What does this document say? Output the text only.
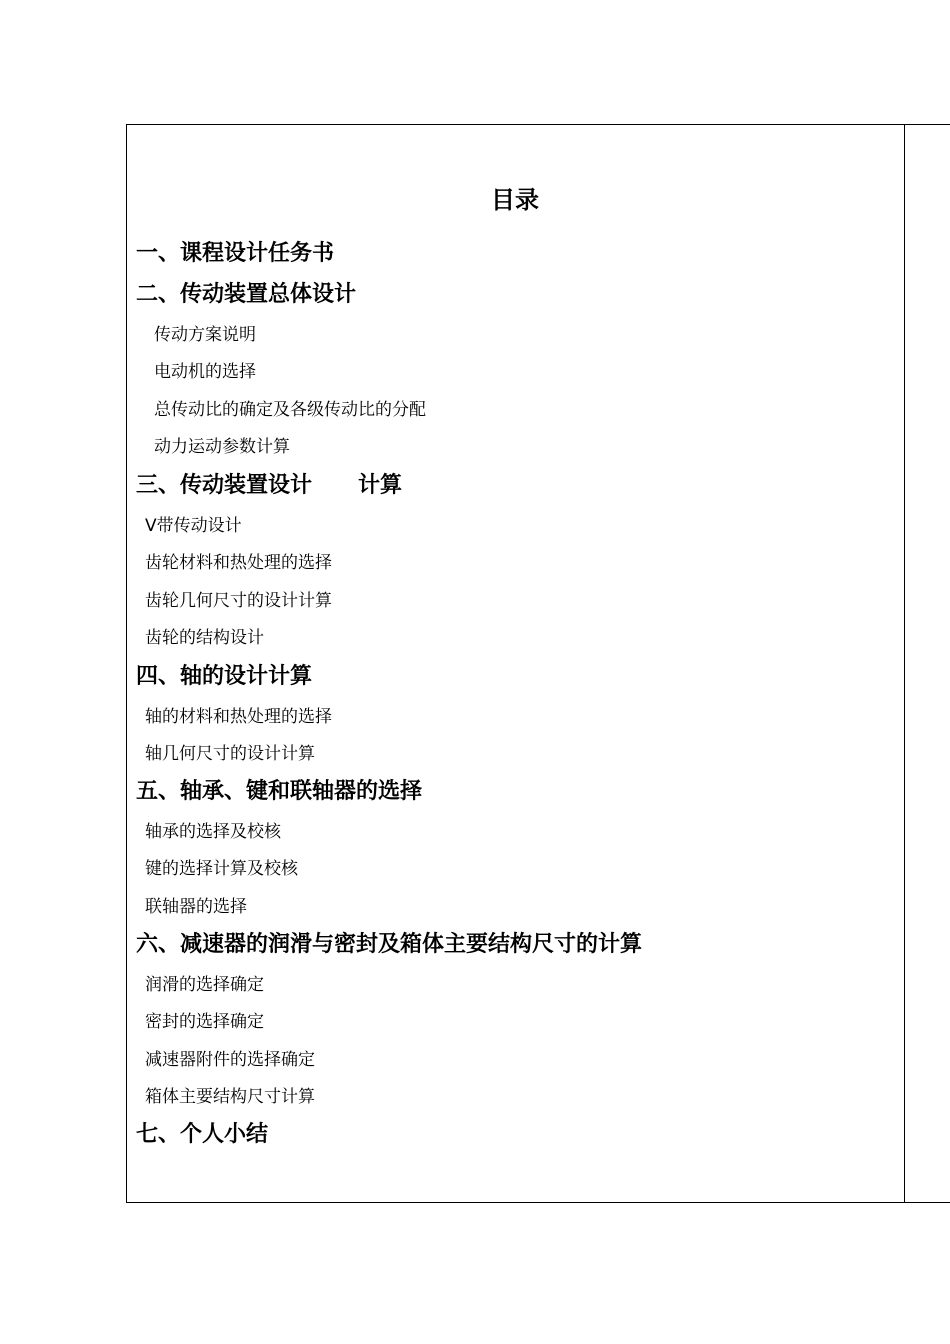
目录
一、课程设计任务书
二、传动装置总体设计
传动方案说明
电动机的选择
总传动比的确定及各级传动比的分配
动力运动参数计算
三、传动装置设计      计算
V带传动设计
齿轮材料和热处理的选择
齿轮几何尺寸的设计计算
齿轮的结构设计
四、轴的设计计算
轴的材料和热处理的选择
轴几何尺寸的设计计算
五、轴承、键和联轴器的选择
轴承的选择及校核
键的选择计算及校核
联轴器的选择
六、减速器的润滑与密封及箱体主要结构尺寸的计算
润滑的选择确定
密封的选择确定
减速器附件的选择确定
箱体主要结构尺寸计算
七、个人小结
